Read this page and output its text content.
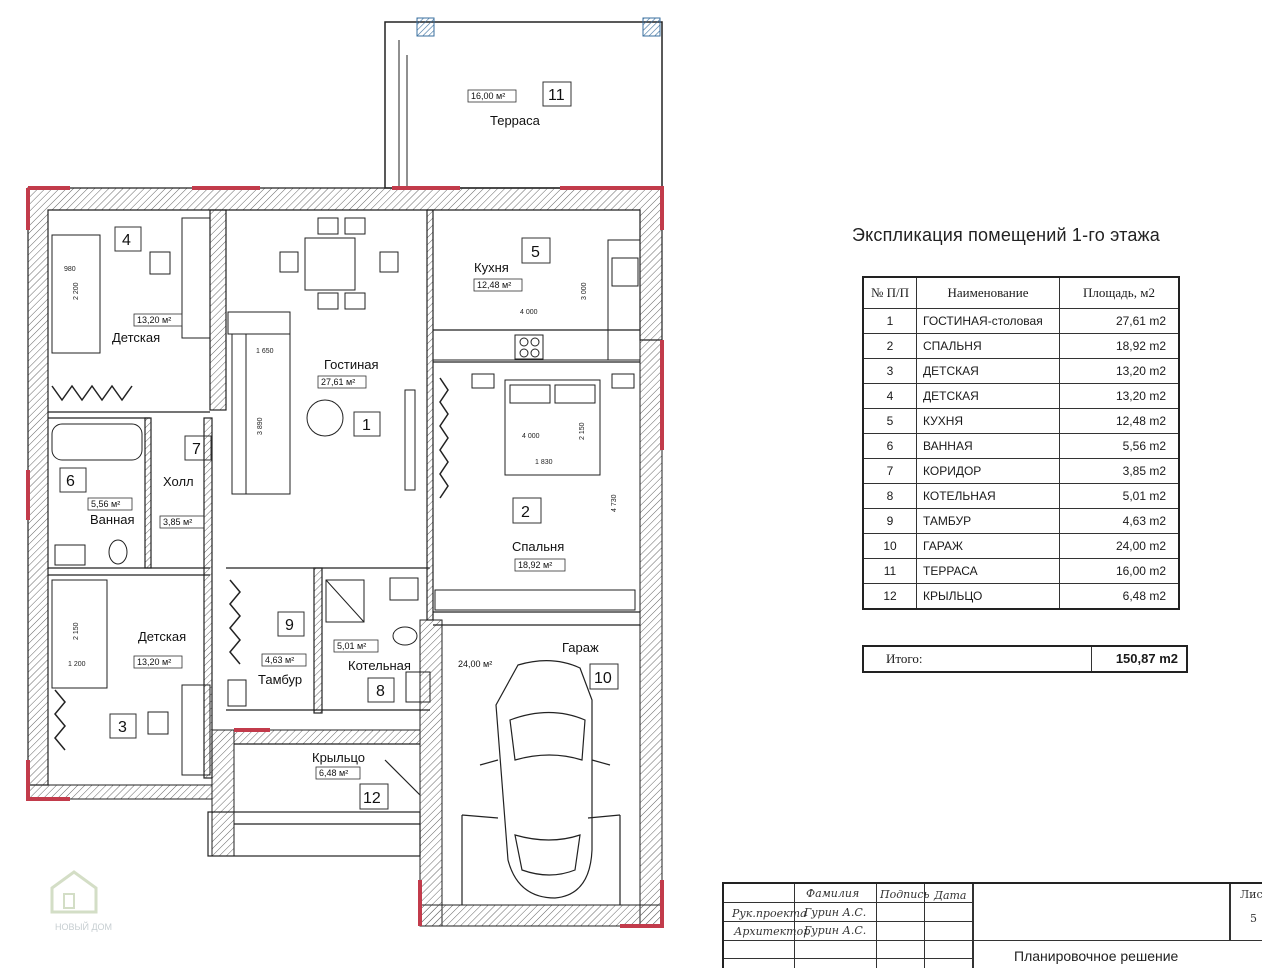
980
2 200
1 650
3 000
4 000
4 000	2 150
1 830
4 730
3 890
2 150
1 200
16,00 м²	11
Терраса
4
13,20 м²
Детская
Кухня
5
12,48 м²
Гостиная
27,61 м²
1
7
Холл
3,85 м²
6
5,56 м²
Ванная	2
Спальня
18,92 м²
9
4,63 м²
Тамбур
5,01 м²
Котельная
8
Детская
13,20 м²
3
Гараж
24,00 м²
10
Крыльцо
6,48 м²
12
НОВЫЙ ДОМ
Экспликация помещений 1-го этажа
№ П/П	Наименование	Площадь, м2
1	ГОСТИНАЯ-столовая	27,61 m2
2	СПАЛЬНЯ	18,92 m2
3	ДЕТСКАЯ	13,20 m2
4	ДЕТСКАЯ	13,20 m2
5	КУХНЯ	12,48 m2
6	ВАННАЯ	5,56 m2
7	КОРИДОР	3,85 m2
8	КОТЕЛЬНАЯ	5,01 m2
9	ТАМБУР	4,63 m2
10	ГАРАЖ	24,00 m2
11	ТЕРРАСА	16,00 m2
12	КРЫЛЬЦО	6,48 m2
Итого:	150,87 m2
Фамилия Подпись Дата
Рук.проекта
Гурин А.С.
Архитектор
Гурин А.С.
Лис
5
Планировочное решение
